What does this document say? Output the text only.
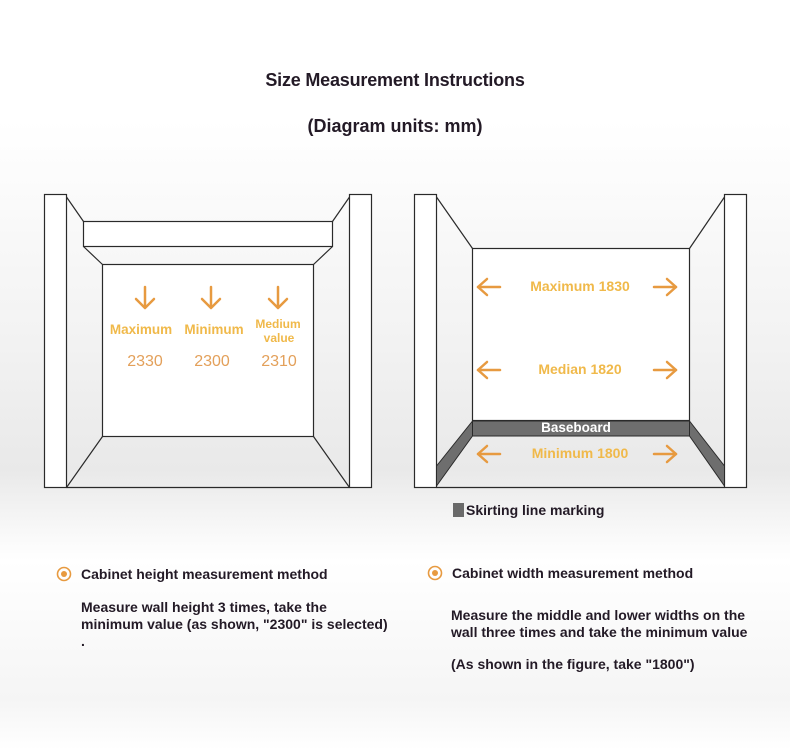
Size Measurement Instructions
(Diagram units: mm)
Maximum Minimum Medium
value
2330 2300 2310
Baseboard
Maximum 1830
Median 1820
Minimum 1800
Skirting line marking
Cabinet height measurement method
Measure wall height 3 times, take the
minimum value (as shown, "2300" is selected)
.
Cabinet width measurement method
Measure the middle and lower widths on the
wall three times and take the minimum value
(As shown in the figure, take "1800")
